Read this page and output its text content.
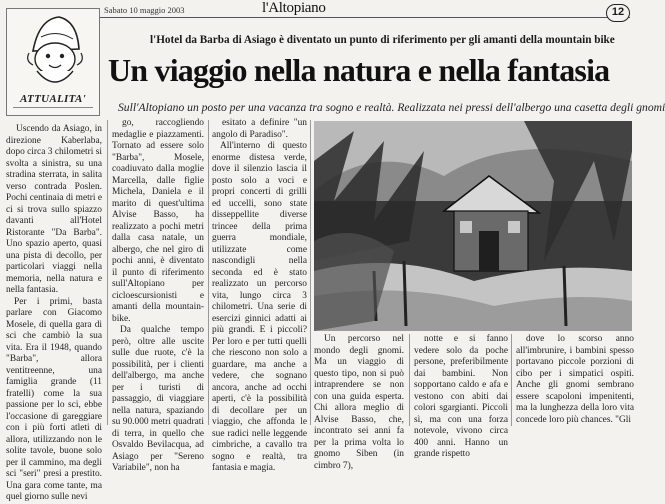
ATTUALITA'
Sabato 10 maggio 2003	l'Altopiano	12
l'Hotel da Barba di Asiago è diventato un punto di riferimento per gli amanti della mountain bike
Un viaggio nella natura e nella fantasia
Sull'Altopiano un posto per una vacanza tra sogno e realtà. Realizzata nei pressi dell'albergo una casetta degli gnomi

Uscendo da Asiago, in direzione Kaberlaba, dopo circa 3 chilometri si svolta a sinistra, su una stradina sterrata, in salita verso contrada Poslen. Pochi centinaia di metri e ci si trova sullo spiazzo davanti all'Hotel Ristorante "Da Barba". Uno spazio aperto, quasi una pista di decollo, per particolari viaggi nella memoria, nella natura e nella fantasia.

Per i primi, basta parlare con Giacomo Mosele, di quella gara di sci che cambiò la sua vita. Era il 1948, quando "Barba", allora ventitreenne, una famiglia grande (11 fratelli) come la sua passione per lo sci, ebbe l'occasione di gareggiare con i più forti atleti di allora, utilizzando non le solite tavole, buone solo per il cammino, ma degli sci "seri" presi a prestito. Una gara come tante, ma quel giorno sulle nevi

go, raccogliendo medaglie e piazzamenti. Tornato ad essere solo "Barba", Mosele, coadiuvato dalla moglie Marcella, dalle figlie Michela, Daniela e il marito di quest'ultima Alvise Basso, ha realizzato a pochi metri dalla casa natale, un albergo, che nel giro di pochi anni, è diventato il punto di riferimento sull'Altopiano per cicloescursionisti e amanti della mountain-bike.

Da qualche tempo però, oltre alle uscite sulle due ruote, c'è la possibilità, per i clienti dell'albergo, ma anche per i turisti di passaggio, di viaggiare nella natura, spaziando su 90.000 metri quadrati di terra, in quello che Osvaldo Bevilacqua, ad Asiago per "Sereno Variabile", non ha

esitato a definire "un angolo di Paradiso".

All'interno di questo enorme distesa verde, dove il silenzio lascia il posto solo a voci e propri concerti di grilli ed uccelli, sono state disseppellite diverse trincee della prima guerra mondiale, utilizzate come nascondigli nella seconda ed è stato realizzato un percorso vita, lungo circa 3 chilometri. Una serie di esercizi ginnici adatti ai più grandi. E i piccoli? Per loro e per tutti quelli che riescono non solo a guardare, ma anche a vedere, che sognano ancora, anche ad occhi aperti, c'è la possibilità di decollare per un viaggio, che affonda le sue radici nelle leggende cimbriche, a cavallo tra sogno e realtà, tra fantasia e magia.

Un percorso nel mondo degli gnomi. Ma un viaggio di questo tipo, non si può intraprendere se non con una guida esperta. Chi allora meglio di Alvise Basso, che, incontrato sei anni fa per la prima volta lo gnomo Siben (in cimbro 7),

notte e si fanno vedere solo da poche persone, preferibilmente dai bambini. Non sopportano caldo e afa e vestono con abiti dai colori sgargianti. Piccoli sì, ma con una forza notevole, vivono circa 400 anni. Hanno un grande rispetto

dove lo scorso anno all'imbrunire, i bambini spesso portavano piccole porzioni di cibo per i simpatici ospiti. Anche gli gnomi sembrano essere scapoloni impenitenti, ma la lunghezza della loro vita concede loro più chances. "Gli
